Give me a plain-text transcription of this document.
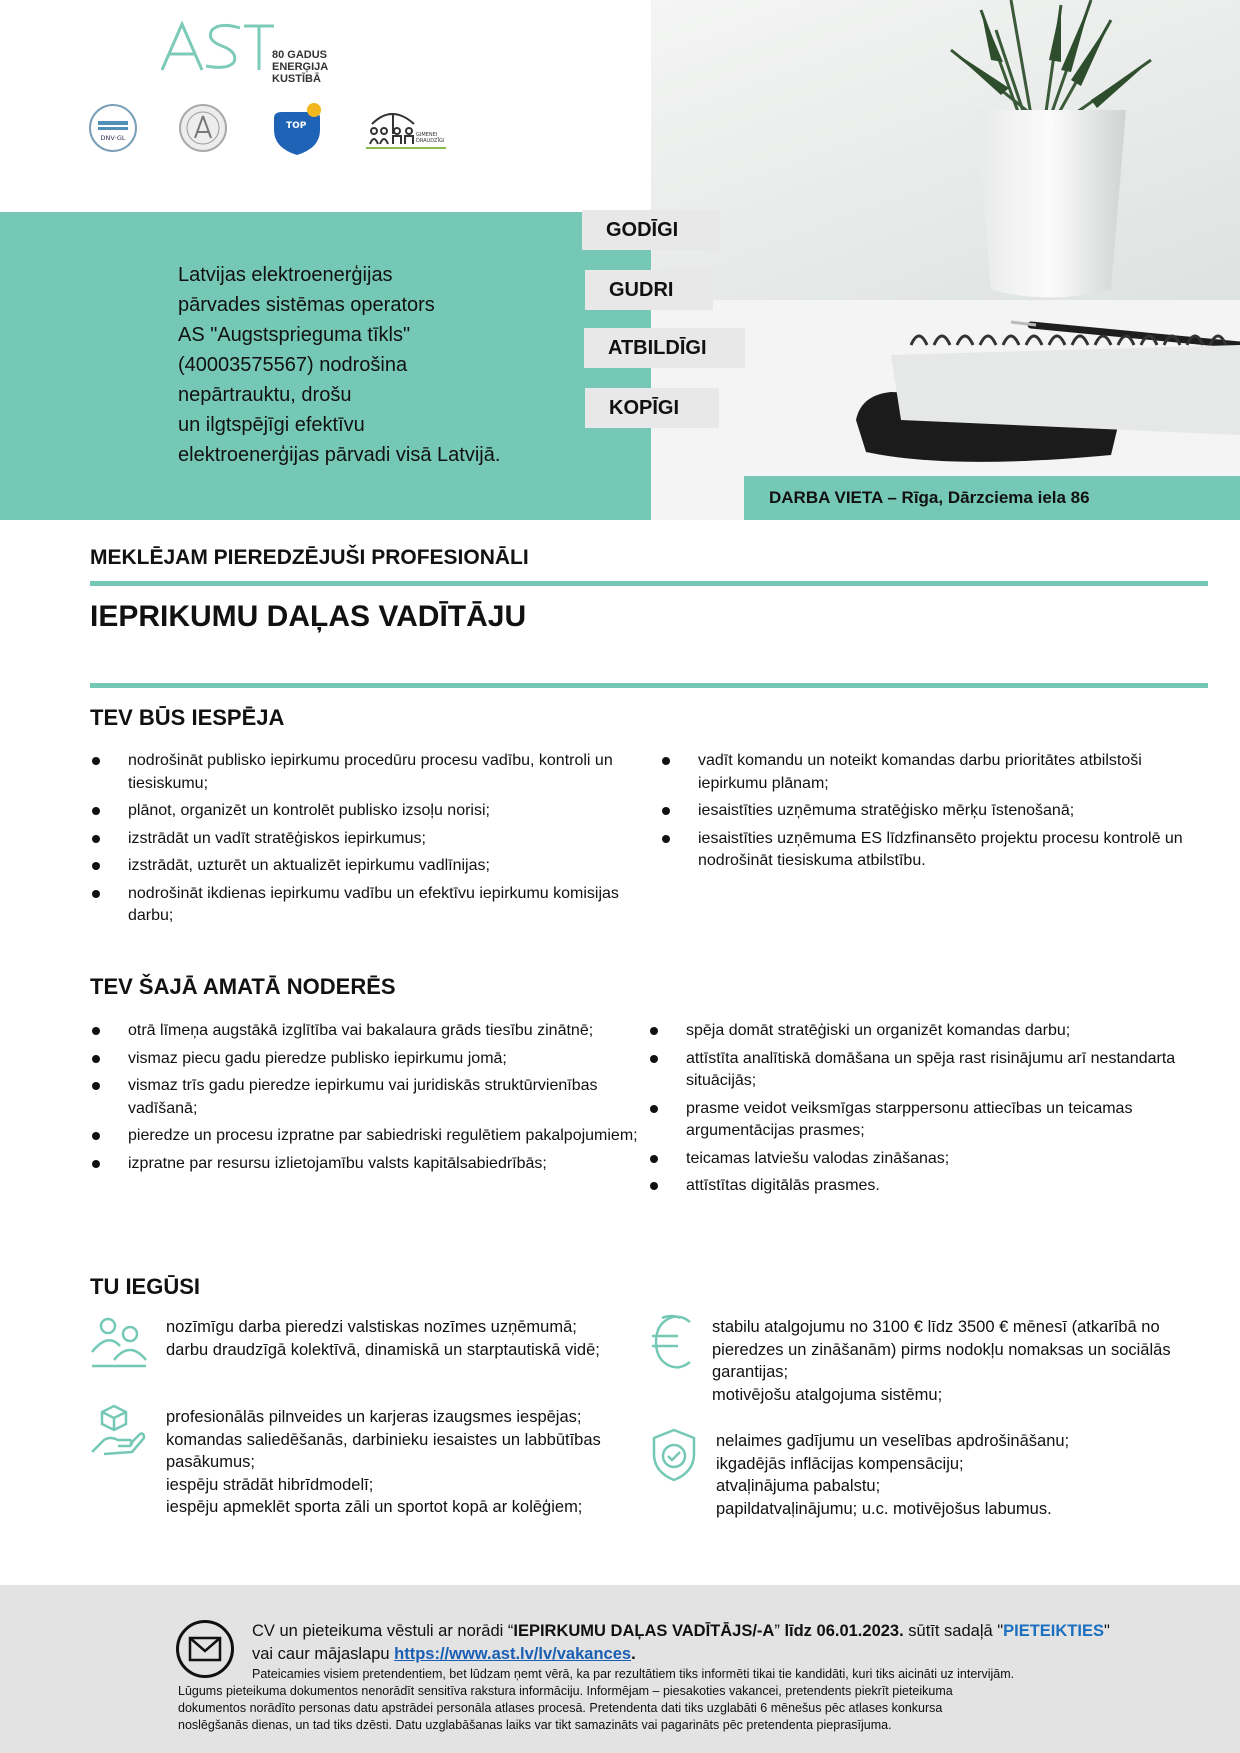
DARBA VIETA – Rīga, Dārzciema iela 86
80 GADUS
ENERĢIJA
KUSTĪBĀ
DNV·GL
TOP
ĢIMENEI
DRAUDZĪGI
Latvijas elektroenerģijas
pārvades sistēmas operators
AS "Augstsprieguma tīkls"
(40003575567) nodrošina
nepārtrauktu, drošu
un ilgtspējīgi efektīvu
elektroenerģijas pārvadi visā Latvijā.
GODĪGI
GUDRI
ATBILDĪGI
KOPĪGI
MEKLĒJAM PIEREDZĒJUŠI PROFESIONĀLI
IEPRIKUMU DAĻAS VADĪTĀJU
TEV BŪS IESPĒJA
nodrošināt publisko iepirkumu procedūru procesu vadību, kontroli un tiesiskumu;
plānot, organizēt un kontrolēt publisko izsoļu norisi;
izstrādāt un vadīt stratēģiskos iepirkumus;
izstrādāt, uzturēt un aktualizēt iepirkumu vadlīnijas;
nodrošināt ikdienas iepirkumu vadību un efektīvu iepirkumu komisijas darbu;
vadīt komandu un noteikt komandas darbu prioritātes atbilstoši iepirkumu plānam;
iesaistīties uzņēmuma stratēģisko mērķu īstenošanā;
iesaistīties uzņēmuma ES līdzfinansēto projektu procesu kontrolē un nodrošināt tiesiskuma atbilstību.
TEV ŠAJĀ AMATĀ NODERĒS
otrā līmeņa augstākā izglītība vai bakalaura grāds tiesību zinātnē;
vismaz piecu gadu pieredze publisko iepirkumu jomā;
vismaz trīs gadu pieredze iepirkumu vai juridiskās struktūrvienības vadīšanā;
pieredze un procesu izpratne par sabiedriski regulētiem pakalpojumiem;
izpratne par resursu izlietojamību valsts kapitālsabiedrībās;
spēja domāt stratēģiski un organizēt komandas darbu;
attīstīta analītiskā domāšana un spēja rast risinājumu arī nestandarta situācijās;
prasme veidot veiksmīgas starppersonu attiecības un teicamas argumentācijas prasmes;
teicamas latviešu valodas zināšanas;
attīstītas digitālās prasmes.
TU IEGŪSI
nozīmīgu darba pieredzi valstiskas nozīmes uzņēmumā;
darbu draudzīgā kolektīvā, dinamiskā un starptautiskā vidē;
stabilu atalgojumu no 3100 € līdz 3500 € mēnesī (atkarībā no
pieredzes un zināšanām) pirms nodokļu nomaksas un sociālās
garantijas;
motivējošu atalgojuma sistēmu;
profesionālās pilnveides un karjeras izaugsmes iespējas;
komandas saliedēšanās, darbinieku iesaistes un labbūtības
pasākumus;
iespēju strādāt hibrīdmodelī;
iespēju apmeklēt sporta zāli un sportot kopā ar kolēģiem;
nelaimes gadījumu un veselības apdrošināšanu;
ikgadējās inflācijas kompensāciju;
atvaļinājuma pabalstu;
papildatvaļinājumu; u.c. motivējošus labumus.
CV un pieteikuma vēstuli ar norādi “IEPIRKUMU DAĻAS VADĪTĀJS/-A” līdz 06.01.2023. sūtīt sadaļā "PIETEIKTIES"
vai caur mājaslapu https://www.ast.lv/lv/vakances.
Pateicamies visiem pretendentiem, bet lūdzam ņemt vērā, ka par rezultātiem tiks informēti tikai tie kandidāti, kuri tiks aicināti uz intervijām.
Lūgums pieteikuma dokumentos nenorādīt sensitīva rakstura informāciju. Informējam – piesakoties vakancei, pretendents piekrīt pieteikuma
dokumentos norādīto personas datu apstrādei personāla atlases procesā. Pretendenta dati tiks uzglabāti 6 mēnešus pēc atlases konkursa
noslēgšanās dienas, un tad tiks dzēsti. Datu uzglabāšanas laiks var tikt samazināts vai pagarināts pēc pretendenta pieprasījuma.
